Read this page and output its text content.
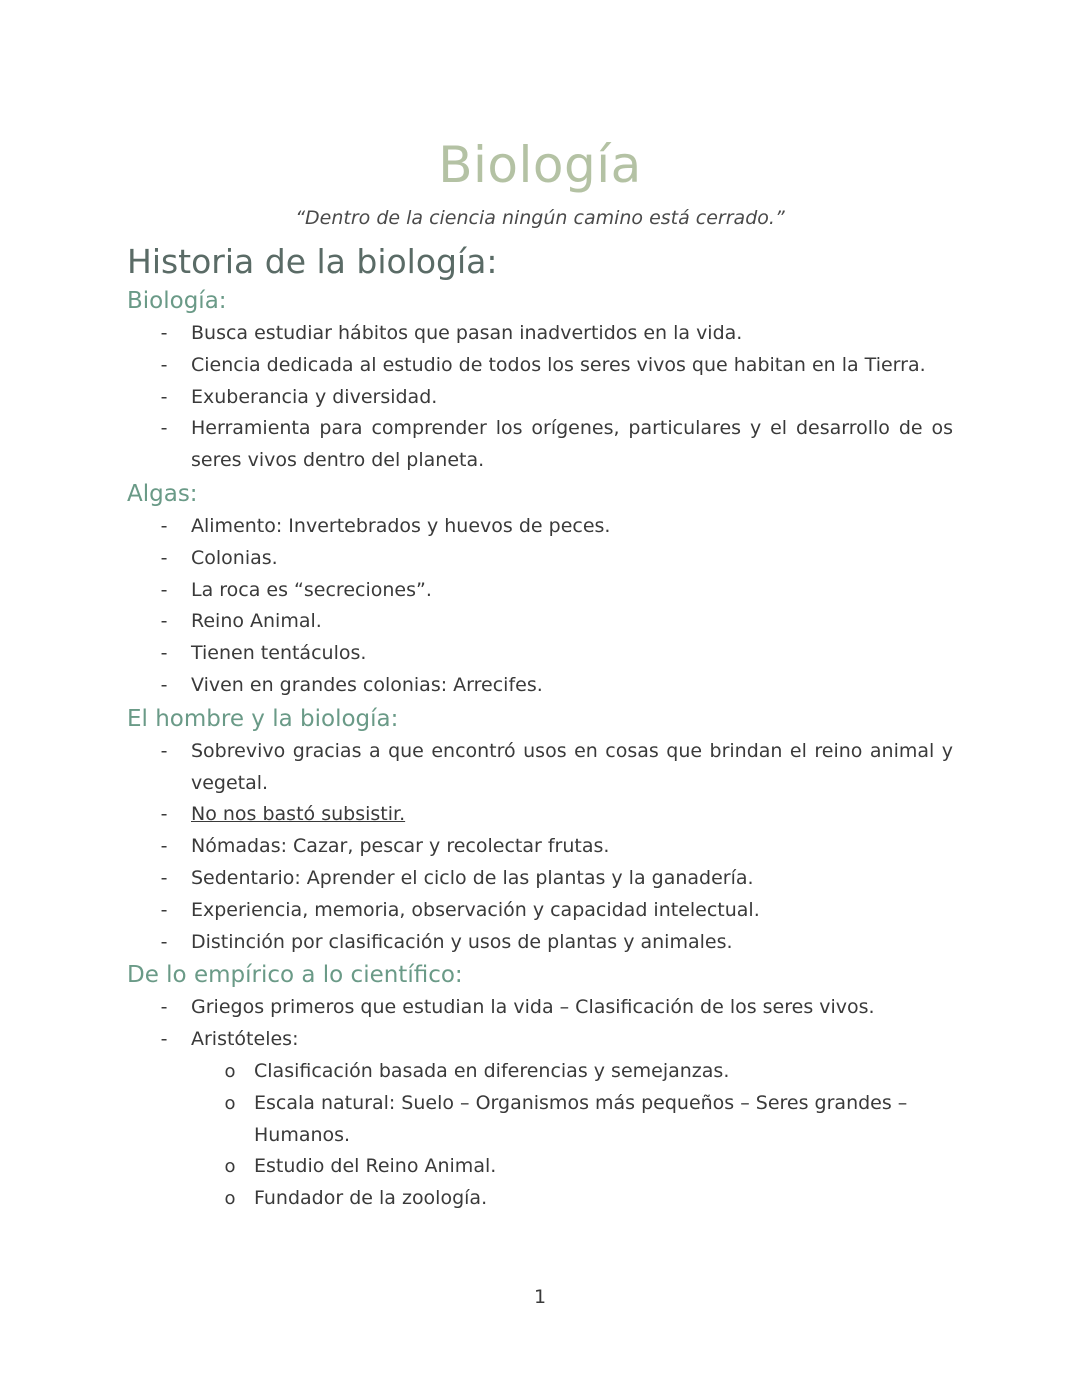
Biología
“Dentro de la ciencia ningún camino está cerrado.”
Historia de la biología:
Biología:
- Busca estudiar hábitos que pasan inadvertidos en la vida.
- Ciencia dedicada al estudio de todos los seres vivos que habitan en la Tierra.
- Exuberancia y diversidad.
- Herramienta para comprender los orígenes, particulares y el desarrollo de os seres vivos dentro del planeta.
Algas:
- Alimento: Invertebrados y huevos de peces.
- Colonias.
- La roca es “secreciones”.
- Reino Animal.
- Tienen tentáculos.
- Viven en grandes colonias: Arrecifes.
El hombre y la biología:
- Sobrevivo gracias a que encontró usos en cosas que brindan el reino animal y vegetal.
- No nos bastó subsistir.
- Nómadas: Cazar, pescar y recolectar frutas.
- Sedentario: Aprender el ciclo de las plantas y la ganadería.
- Experiencia, memoria, observación y capacidad intelectual.
- Distinción por clasificación y usos de plantas y animales.
De lo empírico a lo científico:
- Griegos primeros que estudian la vida – Clasificación de los seres vivos.
- Aristóteles:
o Clasificación basada en diferencias y semejanzas.
o Escala natural: Suelo – Organismos más pequeños – Seres grandes – Humanos.
o Estudio del Reino Animal.
o Fundador de la zoología.
1
